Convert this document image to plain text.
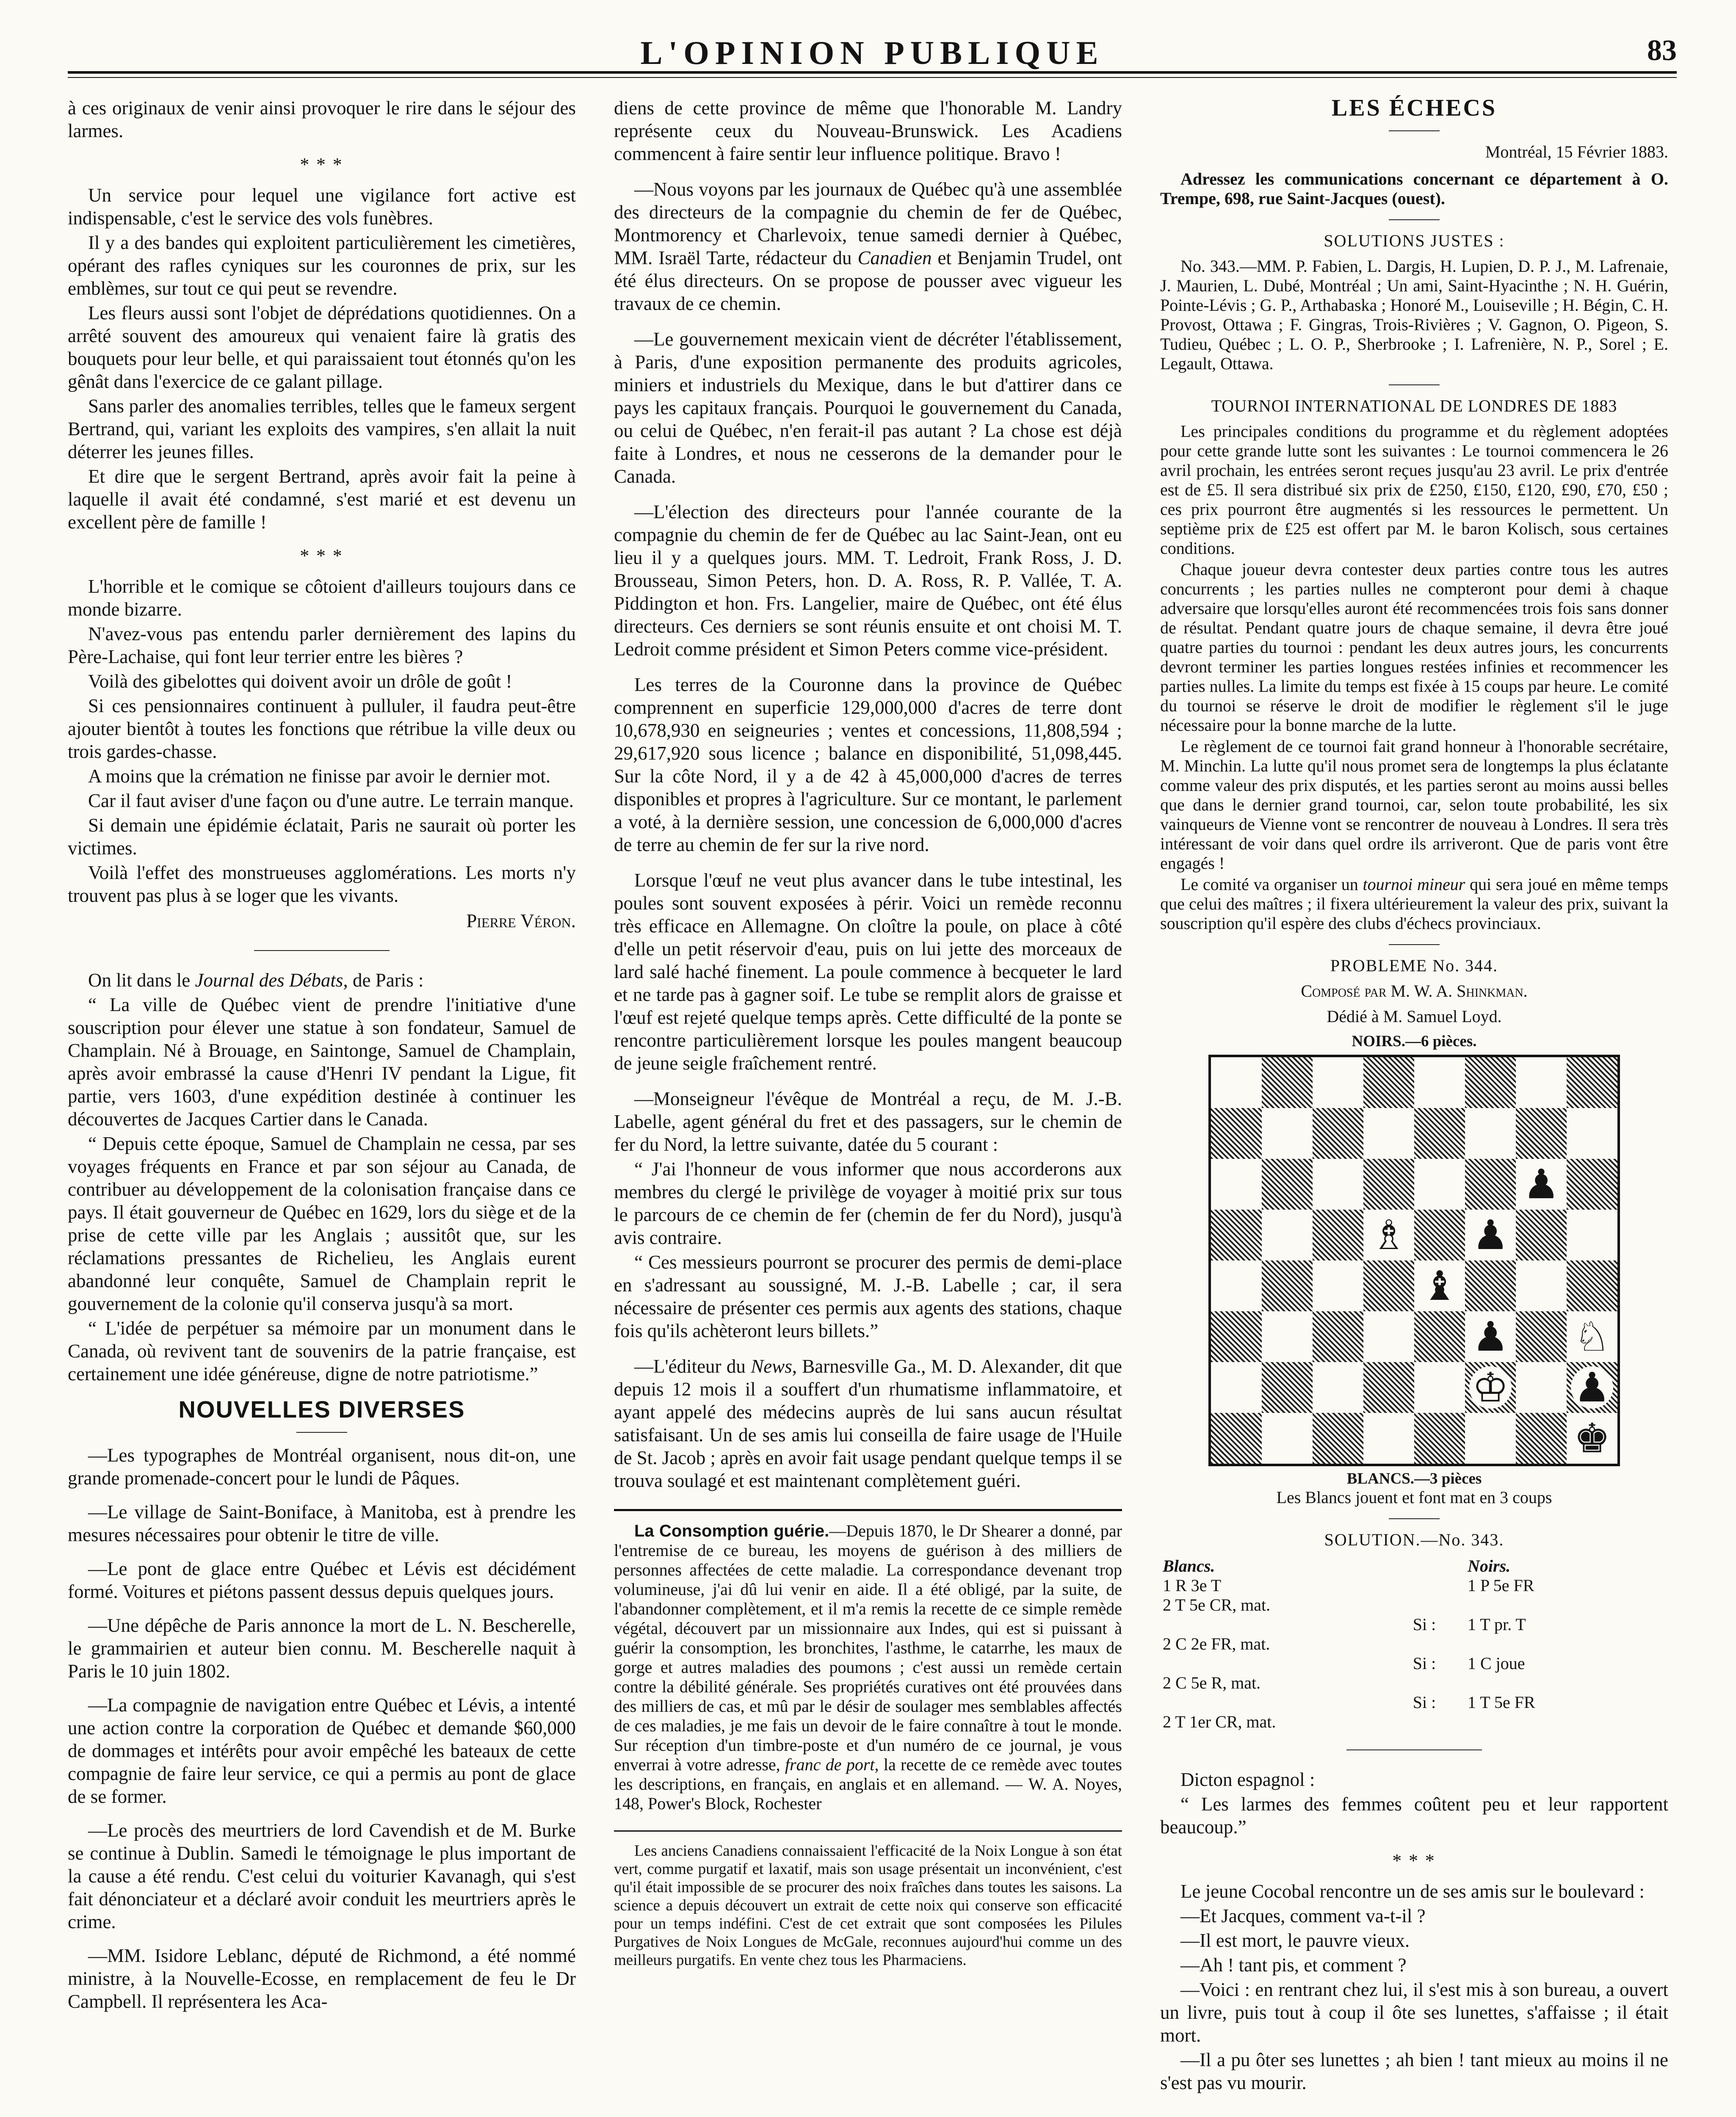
L'OPINION PUBLIQUE	83

à ces originaux de venir ainsi provoquer le rire dans le séjour des larmes.

* * *

Un service pour lequel une vigilance fort active est indispensable, c'est le service des vols funèbres.

Il y a des bandes qui exploitent particulièrement les cimetières, opérant des rafles cyniques sur les couronnes de prix, sur les emblèmes, sur tout ce qui peut se revendre.

Les fleurs aussi sont l'objet de déprédations quotidiennes. On a arrêté souvent des amoureux qui venaient faire là gratis des bouquets pour leur belle, et qui paraissaient tout étonnés qu'on les gênât dans l'exercice de ce galant pillage.

Sans parler des anomalies terribles, telles que le fameux sergent Bertrand, qui, variant les exploits des vampires, s'en allait la nuit déterrer les jeunes filles.

Et dire que le sergent Bertrand, après avoir fait la peine à laquelle il avait été condamné, s'est marié et est devenu un excellent père de famille !

* * *

L'horrible et le comique se côtoient d'ailleurs toujours dans ce monde bizarre.

N'avez-vous pas entendu parler dernièrement des lapins du Père-Lachaise, qui font leur terrier entre les bières ?

Voilà des gibelottes qui doivent avoir un drôle de goût !

Si ces pensionnaires continuent à pulluler, il faudra peut-être ajouter bientôt à toutes les fonctions que rétribue la ville deux ou trois gardes-chasse.

A moins que la crémation ne finisse par avoir le dernier mot.

Car il faut aviser d'une façon ou d'une autre. Le terrain manque.

Si demain une épidémie éclatait, Paris ne saurait où porter les victimes.

Voilà l'effet des monstrueuses agglomérations. Les morts n'y trouvent pas plus à se loger que les vivants.

Pierre Véron.

On lit dans le Journal des Débats, de Paris :

“ La ville de Québec vient de prendre l'initiative d'une souscription pour élever une statue à son fondateur, Samuel de Champlain. Né à Brouage, en Saintonge, Samuel de Champlain, après avoir embrassé la cause d'Henri IV pendant la Ligue, fit partie, vers 1603, d'une expédition destinée à continuer les découvertes de Jacques Cartier dans le Canada.

“ Depuis cette époque, Samuel de Champlain ne cessa, par ses voyages fréquents en France et par son séjour au Canada, de contribuer au développement de la colonisation française dans ce pays. Il était gouverneur de Québec en 1629, lors du siège et de la prise de cette ville par les Anglais ; aussitôt que, sur les réclamations pressantes de Richelieu, les Anglais eurent abandonné leur conquête, Samuel de Champlain reprit le gouvernement de la colonie qu'il conserva jusqu'à sa mort.

“ L'idée de perpétuer sa mémoire par un monument dans le Canada, où revivent tant de souvenirs de la patrie française, est certainement une idée généreuse, digne de notre patriotisme.”

NOUVELLES DIVERSES

—Les typographes de Montréal organisent, nous dit-on, une grande promenade-concert pour le lundi de Pâques.

—Le village de Saint-Boniface, à Manitoba, est à prendre les mesures nécessaires pour obtenir le titre de ville.

—Le pont de glace entre Québec et Lévis est décidément formé. Voitures et piétons passent dessus depuis quelques jours.

—Une dépêche de Paris annonce la mort de L. N. Bescherelle, le grammairien et auteur bien connu. M. Bescherelle naquit à Paris le 10 juin 1802.

—La compagnie de navigation entre Québec et Lévis, a intenté une action contre la corporation de Québec et demande $60,000 de dommages et intérêts pour avoir empêché les bateaux de cette compagnie de faire leur service, ce qui a permis au pont de glace de se former.

—Le procès des meurtriers de lord Cavendish et de M. Burke se continue à Dublin. Samedi le témoignage le plus important de la cause a été rendu. C'est celui du voiturier Kavanagh, qui s'est fait dénonciateur et a déclaré avoir conduit les meurtriers après le crime.

—MM. Isidore Leblanc, député de Richmond, a été nommé ministre, à la Nouvelle-Ecosse, en remplacement de feu le Dr Campbell. Il représentera les Aca-

diens de cette province de même que l'honorable M. Landry représente ceux du Nouveau-Brunswick. Les Acadiens commencent à faire sentir leur influence politique. Bravo !

—Nous voyons par les journaux de Québec qu'à une assemblée des directeurs de la compagnie du chemin de fer de Québec, Montmorency et Charlevoix, tenue samedi dernier à Québec, MM. Israël Tarte, rédacteur du Canadien et Benjamin Trudel, ont été élus directeurs. On se propose de pousser avec vigueur les travaux de ce chemin.

—Le gouvernement mexicain vient de décréter l'établissement, à Paris, d'une exposition permanente des produits agricoles, miniers et industriels du Mexique, dans le but d'attirer dans ce pays les capitaux français. Pourquoi le gouvernement du Canada, ou celui de Québec, n'en ferait-il pas autant ? La chose est déjà faite à Londres, et nous ne cesserons de la demander pour le Canada.

—L'élection des directeurs pour l'année courante de la compagnie du chemin de fer de Québec au lac Saint-Jean, ont eu lieu il y a quelques jours. MM. T. Ledroit, Frank Ross, J. D. Brousseau, Simon Peters, hon. D. A. Ross, R. P. Vallée, T. A. Piddington et hon. Frs. Langelier, maire de Québec, ont été élus directeurs. Ces derniers se sont réunis ensuite et ont choisi M. T. Ledroit comme président et Simon Peters comme vice-président.

Les terres de la Couronne dans la province de Québec comprennent en superficie 129,000,000 d'acres de terre dont 10,678,930 en seigneuries ; ventes et concessions, 11,808,594 ; 29,617,920 sous licence ; balance en disponibilité, 51,098,445. Sur la côte Nord, il y a de 42 à 45,000,000 d'acres de terres disponibles et propres à l'agriculture. Sur ce montant, le parlement a voté, à la dernière session, une concession de 6,000,000 d'acres de terre au chemin de fer sur la rive nord.

Lorsque l'œuf ne veut plus avancer dans le tube intestinal, les poules sont souvent exposées à périr. Voici un remède reconnu très efficace en Allemagne. On cloître la poule, on place à côté d'elle un petit réservoir d'eau, puis on lui jette des morceaux de lard salé haché finement. La poule commence à becqueter le lard et ne tarde pas à gagner soif. Le tube se remplit alors de graisse et l'œuf est rejeté quelque temps après. Cette difficulté de la ponte se rencontre particulièrement lorsque les poules mangent beaucoup de jeune seigle fraîchement rentré.

—Monseigneur l'évêque de Montréal a reçu, de M. J.-B. Labelle, agent général du fret et des passagers, sur le chemin de fer du Nord, la lettre suivante, datée du 5 courant :

“ J'ai l'honneur de vous informer que nous accorderons aux membres du clergé le privilège de voyager à moitié prix sur tous le parcours de ce chemin de fer (chemin de fer du Nord), jusqu'à avis contraire.

“ Ces messieurs pourront se procurer des permis de demi-place en s'adressant au soussigné, M. J.-B. Labelle ; car, il sera nécessaire de présenter ces permis aux agents des stations, chaque fois qu'ils achèteront leurs billets.”

—L'éditeur du News, Barnesville Ga., M. D. Alexander, dit que depuis 12 mois il a souffert d'un rhumatisme inflammatoire, et ayant appelé des médecins auprès de lui sans aucun résultat satisfaisant. Un de ses amis lui conseilla de faire usage de l'Huile de St. Jacob ; après en avoir fait usage pendant quelque temps il se trouva soulagé et est maintenant complètement guéri.

La Consomption guérie.—Depuis 1870, le Dr Shearer a donné, par l'entremise de ce bureau, les moyens de guérison à des milliers de personnes affectées de cette maladie. La correspondance devenant trop volumineuse, j'ai dû lui venir en aide. Il a été obligé, par la suite, de l'abandonner complètement, et il m'a remis la recette de ce simple remède végétal, découvert par un missionnaire aux Indes, qui est si puissant à guérir la consomption, les bronchites, l'asthme, le catarrhe, les maux de gorge et autres maladies des poumons ; c'est aussi un remède certain contre la débilité générale. Ses propriétés curatives ont été prouvées dans des milliers de cas, et mû par le désir de soulager mes semblables affectés de ces maladies, je me fais un devoir de le faire connaître à tout le monde. Sur réception d'un timbre-poste et d'un numéro de ce journal, je vous enverrai à votre adresse, franc de port, la recette de ce remède avec toutes les descriptions, en français, en anglais et en allemand. — W. A. Noyes, 148, Power's Block, Rochester

Les anciens Canadiens connaissaient l'efficacité de la Noix Longue à son état vert, comme purgatif et laxatif, mais son usage présentait un inconvénient, c'est qu'il était impossible de se procurer des noix fraîches dans toutes les saisons. La science a depuis découvert un extrait de cette noix qui conserve son efficacité pour un temps indéfini. C'est de cet extrait que sont composées les Pilules Purgatives de Noix Longues de McGale, reconnues aujourd'hui comme un des meilleurs purgatifs. En vente chez tous les Pharmaciens.

LES ÉCHECS
Montréal, 15 Février 1883.

Adressez les communications concernant ce département à O. Trempe, 698, rue Saint-Jacques (ouest).

SOLUTIONS JUSTES :

No. 343.—MM. P. Fabien, L. Dargis, H. Lupien, D. P. J., M. Lafrenaie, J. Maurien, L. Dubé, Montréal ; Un ami, Saint-Hyacinthe ; N. H. Guérin, Pointe-Lévis ; G. P., Arthabaska ; Honoré M., Louiseville ; H. Bégin, C. H. Provost, Ottawa ; F. Gingras, Trois-Rivières ; V. Gagnon, O. Pigeon, S. Tudieu, Québec ; L. O. P., Sherbrooke ; I. Lafrenière, N. P., Sorel ; E. Legault, Ottawa.

TOURNOI INTERNATIONAL DE LONDRES DE 1883

Les principales conditions du programme et du règlement adoptées pour cette grande lutte sont les suivantes : Le tournoi commencera le 26 avril prochain, les entrées seront reçues jusqu'au 23 avril. Le prix d'entrée est de £5. Il sera distribué six prix de £250, £150, £120, £90, £70, £50 ; ces prix pourront être augmentés si les ressources le permettent. Un septième prix de £25 est offert par M. le baron Kolisch, sous certaines conditions.

Chaque joueur devra contester deux parties contre tous les autres concurrents ; les parties nulles ne compteront pour demi à chaque adversaire que lorsqu'elles auront été recommencées trois fois sans donner de résultat. Pendant quatre jours de chaque semaine, il devra être joué quatre parties du tournoi : pendant les deux autres jours, les concurrents devront terminer les parties longues restées infinies et recommencer les parties nulles. La limite du temps est fixée à 15 coups par heure. Le comité du tournoi se réserve le droit de modifier le règlement s'il le juge nécessaire pour la bonne marche de la lutte.

Le règlement de ce tournoi fait grand honneur à l'honorable secrétaire, M. Minchin. La lutte qu'il nous promet sera de longtemps la plus éclatante comme valeur des prix disputés, et les parties seront au moins aussi belles que dans le dernier grand tournoi, car, selon toute probabilité, les six vainqueurs de Vienne vont se rencontrer de nouveau à Londres. Il sera très intéressant de voir dans quel ordre ils arriveront. Que de paris vont être engagés !

Le comité va organiser un tournoi mineur qui sera joué en même temps que celui des maîtres ; il fixera ultérieurement la valeur des prix, suivant la souscription qu'il espère des clubs d'échecs provinciaux.

PROBLEME No. 344.
Composé par M. W. A. Shinkman.
Dédié à M. Samuel Loyd.
NOIRS.—6 pièces.
♟
♗ ♟
♝
♟ ♘
♔ ♟
♚
BLANCS.—3 pièces
Les Blancs jouent et font mat en 3 coups
SOLUTION.—No. 343.
Blancs.		Noirs.
1 R 3e T		1 P 5e FR
2 T 5e CR, mat.		
	Si :	1 T pr. T
2 C 2e FR, mat.		
	Si :	1 C joue
2 C 5e R, mat.		
	Si :	1 T 5e FR
2 T 1er CR, mat.		

Dicton espagnol :

“ Les larmes des femmes coûtent peu et leur rapportent beaucoup.”

* * *

Le jeune Cocobal rencontre un de ses amis sur le boulevard :

—Et Jacques, comment va-t-il ?

—Il est mort, le pauvre vieux.

—Ah ! tant pis, et comment ?

—Voici : en rentrant chez lui, il s'est mis à son bureau, a ouvert un livre, puis tout à coup il ôte ses lunettes, s'affaisse ; il était mort.

—Il a pu ôter ses lunettes ; ah bien ! tant mieux au moins il ne s'est pas vu mourir.
